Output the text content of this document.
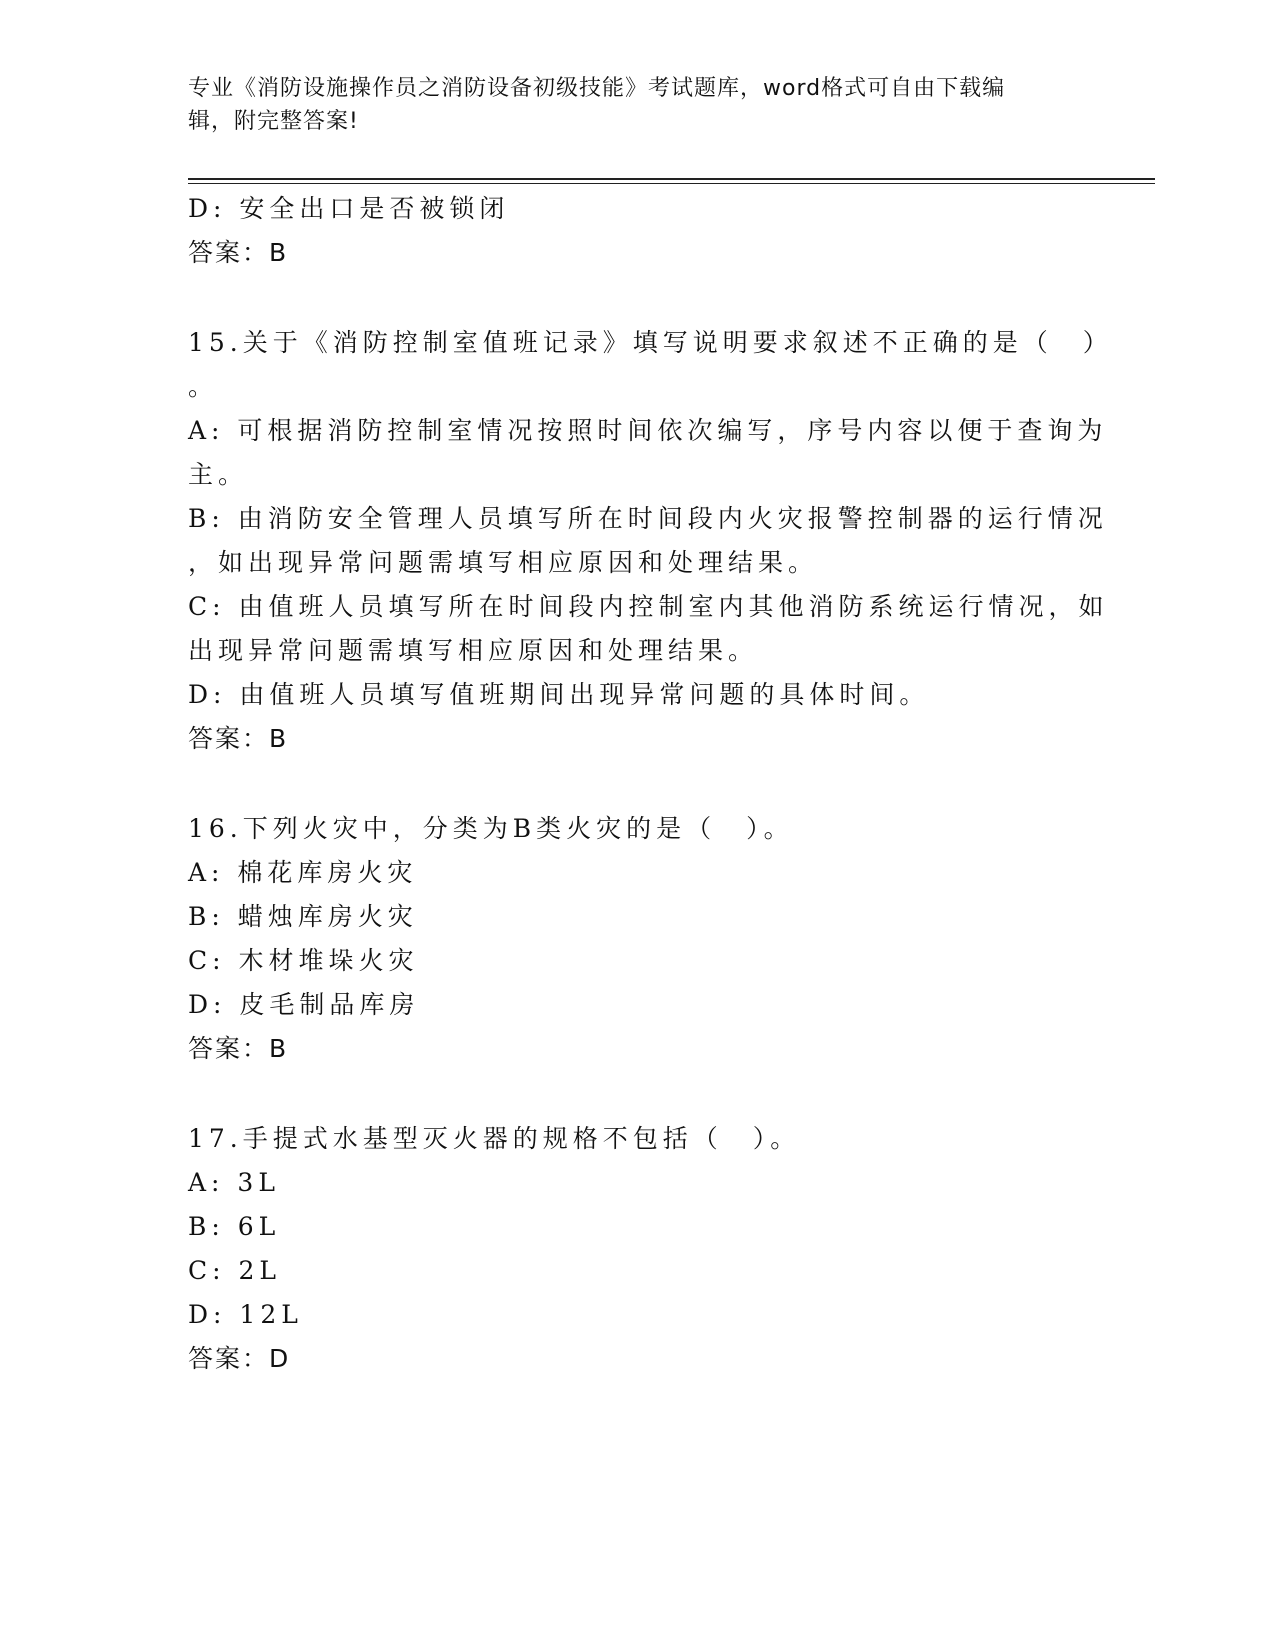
专业《消防设施操作员之消防设备初级技能》考试题库，word格式可自由下载编
辑，附完整答案!
D: 安全出口是否被锁闭
答案：B
15.关于《消防控制室值班记录》填写说明要求叙述不正确的是（　）
。
A: 可根据消防控制室情况按照时间依次编写，序号内容以便于查询为
主。
B: 由消防安全管理人员填写所在时间段内火灾报警控制器的运行情况
，如出现异常问题需填写相应原因和处理结果。
C: 由值班人员填写所在时间段内控制室内其他消防系统运行情况，如
出现异常问题需填写相应原因和处理结果。
D: 由值班人员填写值班期间出现异常问题的具体时间。
答案：B
16.下列火灾中，分类为B类火灾的是（　）。
A: 棉花库房火灾
B: 蜡烛库房火灾
C: 木材堆垛火灾
D: 皮毛制品库房
答案：B
17.手提式水基型灭火器的规格不包括（　）。
A: 3L
B: 6L
C: 2L
D: 12L
答案：D
